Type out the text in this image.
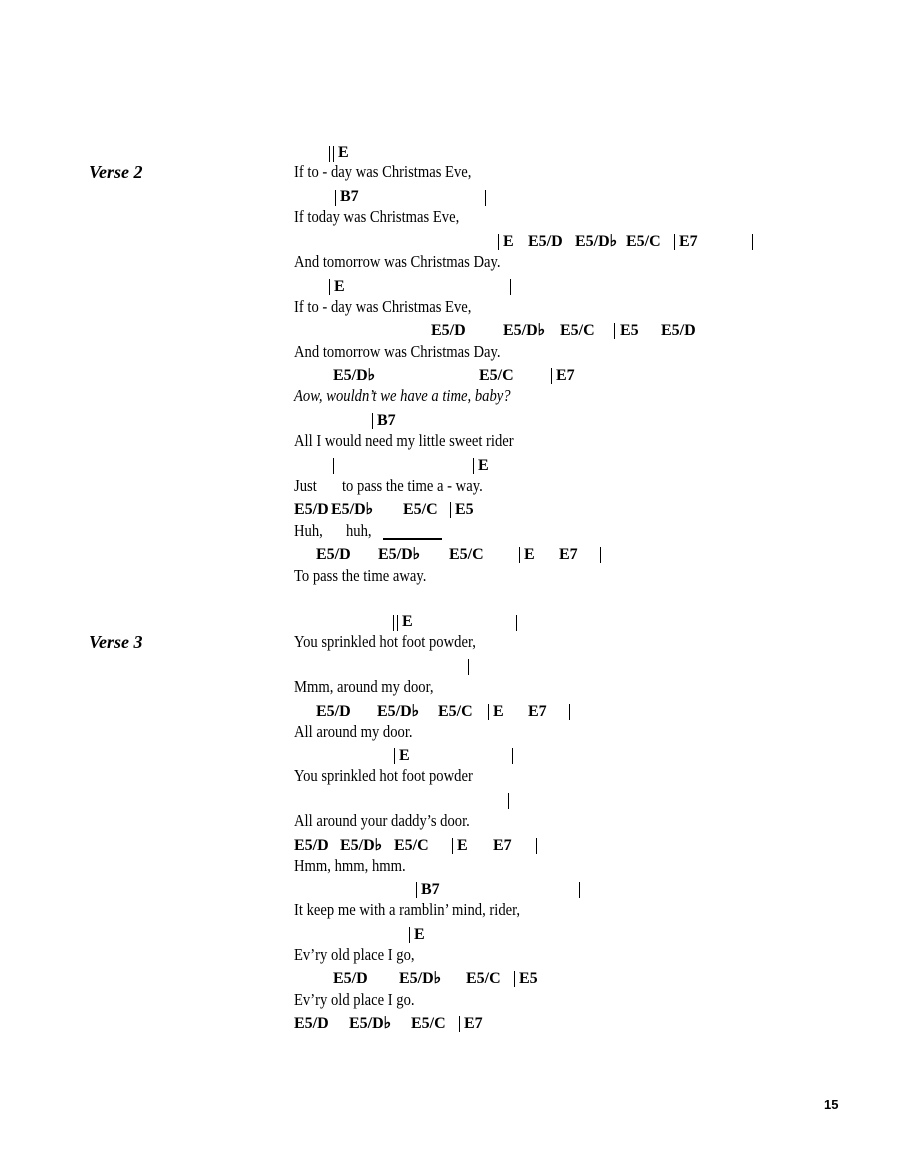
Verse 2
E
If to - day was Christmas Eve,
B7
If today was Christmas Eve,
E E5/D E5/D♭ E5/C E7
And tomorrow was Christmas Day.
E
If to - day was Christmas Eve,
E5/D E5/D♭ E5/C E5 E5/D
And tomorrow was Christmas Day.
E5/D♭	E5/C	E7
Aow, wouldn’t we have a time, baby?
B7
All I would need my little sweet rider
E
Just to pass the time a - way.
E5/D E5/D♭ E5/C E5
Huh, huh,
E5/D E5/D♭ E5/C	E E7
To pass the time away.
Verse 3
E
You sprinkled hot foot powder,
Mmm, around my door,
E5/D E5/D♭ E5/C E E7
All around my door.
E
You sprinkled hot foot powder
All around your daddy’s door.
E5/D E5/D♭ E5/C E E7
Hmm, hmm, hmm.
B7
It keep me with a ramblin’ mind, rider,
E
Ev’ry old place I go,
E5/D E5/D♭ E5/C E5
Ev’ry old place I go.
E5/D E5/D♭ E5/C E7
15
